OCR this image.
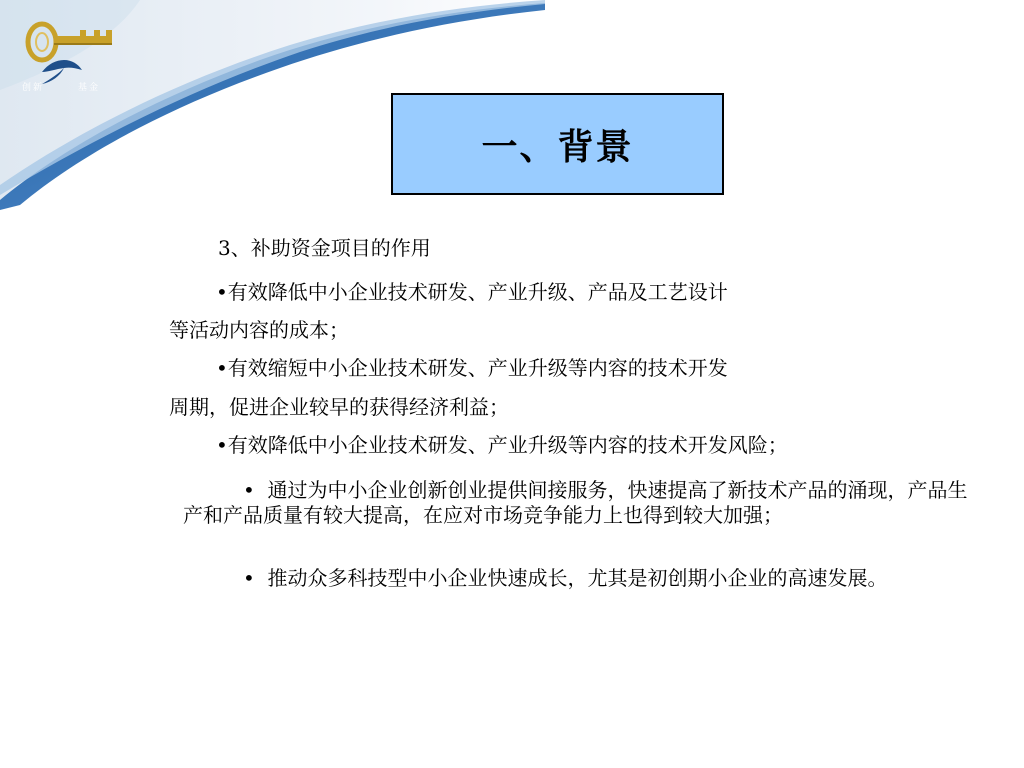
创新	基金
一、背景
3、补助资金项目的作用
•有效降低中小企业技术研发、产业升级、产品及工艺设计
等活动内容的成本；
•有效缩短中小企业技术研发、产业升级等内容的技术开发
周期，促进企业较早的获得经济利益；
•有效降低中小企业技术研发、产业升级等内容的技术开发风险；
• 通过为中小企业创新创业提供间接服务，快速提高了新技术产品的涌现，产品生产和产品质量有较大提高，在应对市场竞争能力上也得到较大加强；
• 推动众多科技型中小企业快速成长，尤其是初创期小企业的高速发展。
